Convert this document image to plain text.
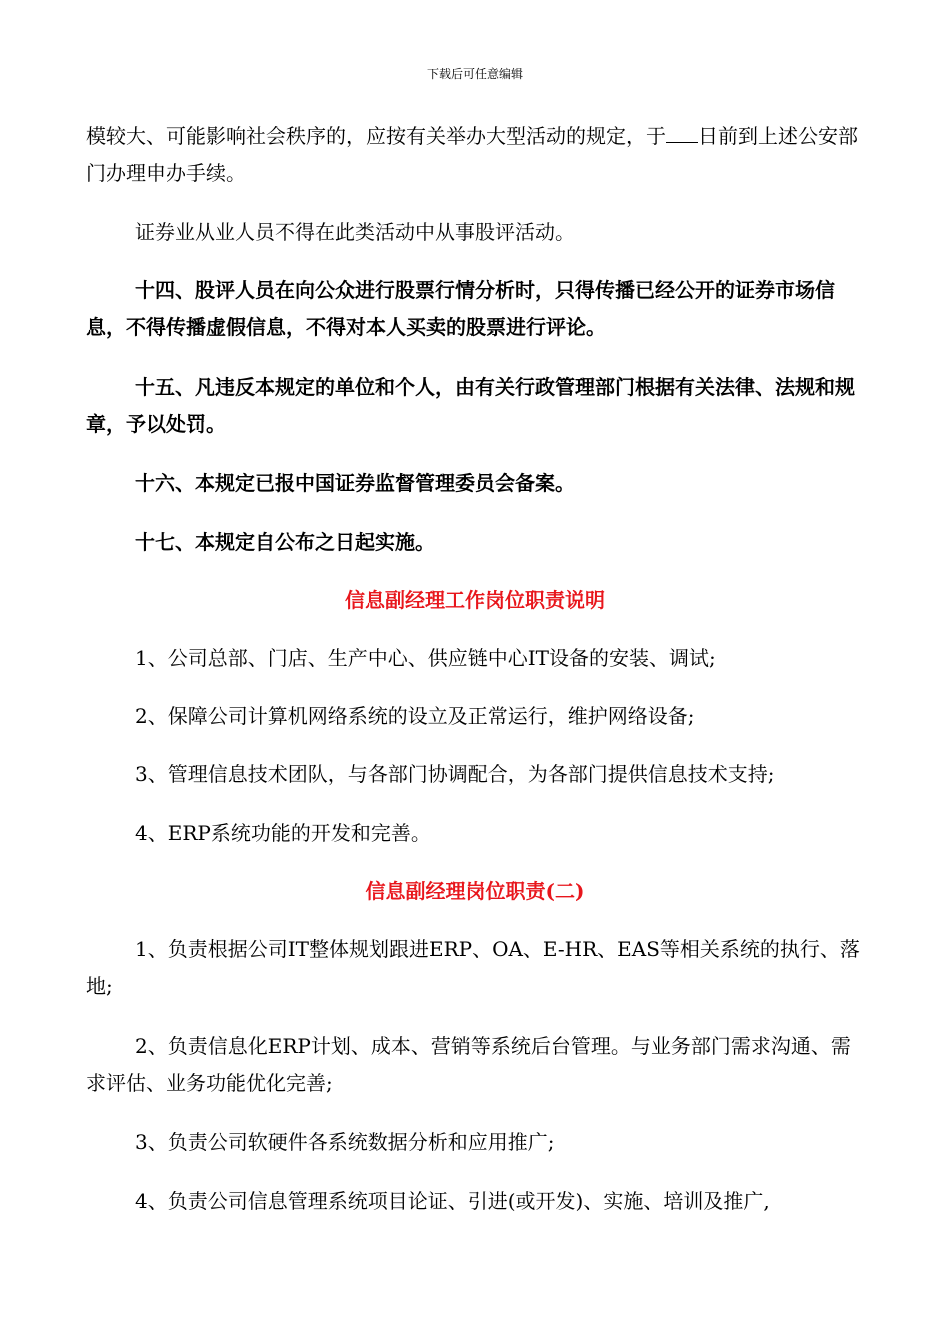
下载后可任意编辑

模较大、可能影响社会秩序的，应按有关举办大型活动的规定，于 日前到上述公安部门办理申办手续。

证券业从业人员不得在此类活动中从事股评活动。

十四、股评人员在向公众进行股票行情分析时，只得传播已经公开的证券市场信息，不得传播虚假信息，不得对本人买卖的股票进行评论。

十五、凡违反本规定的单位和个人，由有关行政管理部门根据有关法律、法规和规章，予以处罚。

十六、本规定已报中国证券监督管理委员会备案。

十七、本规定自公布之日起实施。

信息副经理工作岗位职责说明

1、公司总部、门店、生产中心、供应链中心IT设备的安装、调试;

2、保障公司计算机网络系统的设立及正常运行，维护网络设备;

3、管理信息技术团队，与各部门协调配合，为各部门提供信息技术支持;

4、ERP系统功能的开发和完善。

信息副经理岗位职责(二)

1、负责根据公司IT整体规划跟进ERP、OA、E-HR、EAS等相关系统的执行、落地;

2、负责信息化ERP计划、成本、营销等系统后台管理。与业务部门需求沟通、需求评估、业务功能优化完善;

3、负责公司软硬件各系统数据分析和应用推广;

4、负责公司信息管理系统项目论证、引进(或开发)、实施、培训及推广,
